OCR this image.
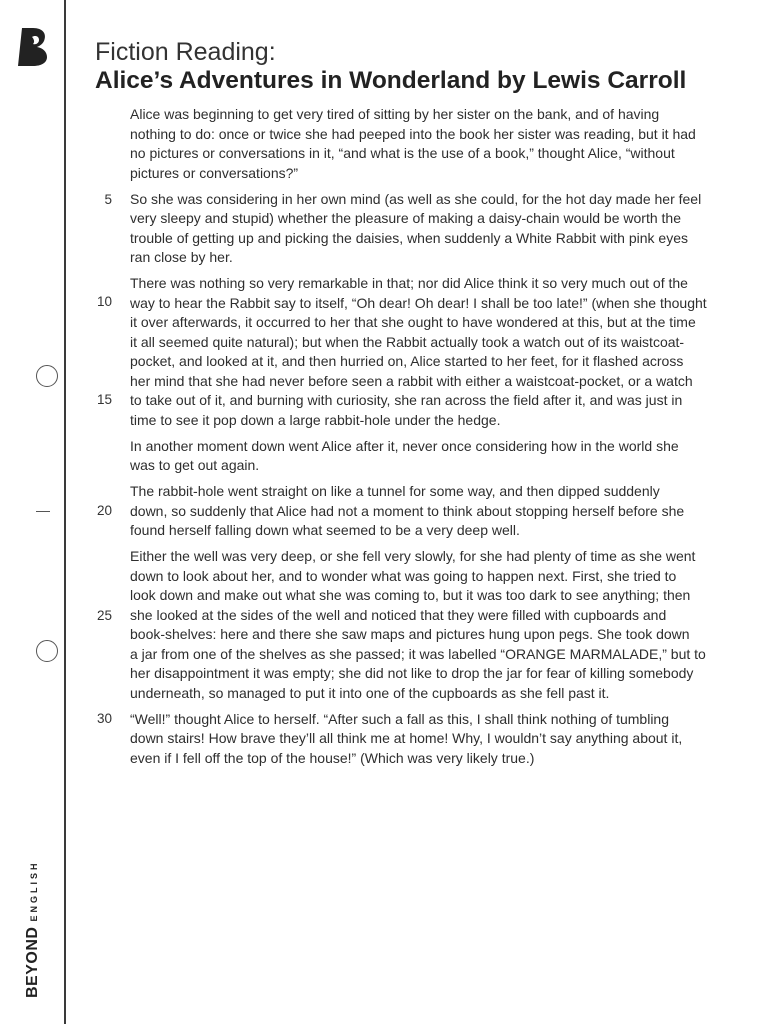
BEYONDENGLISH
Fiction Reading:
Alice’s Adventures in Wonderland by Lewis Carroll

Alice was beginning to get very tired of sitting by her sister on the bank, and of having
nothing to do: once or twice she had peeped into the book her sister was reading, but it had
no pictures or conversations in it, “and what is the use of a book,” thought Alice, “without
pictures or conversations?”

So she was considering in her own mind (as well as she could, for the hot day made her feel
very sleepy and stupid) whether the pleasure of making a daisy-chain would be worth the
trouble of getting up and picking the daisies, when suddenly a White Rabbit with pink eyes
ran close by her.

There was nothing so very remarkable in that; nor did Alice think it so very much out of the
way to hear the Rabbit say to itself, “Oh dear! Oh dear! I shall be too late!” (when she thought
it over afterwards, it occurred to her that she ought to have wondered at this, but at the time
it all seemed quite natural); but when the Rabbit actually took a watch out of its waistcoat-
pocket, and looked at it, and then hurried on, Alice started to her feet, for it flashed across
her mind that she had never before seen a rabbit with either a waistcoat-pocket, or a watch
to take out of it, and burning with curiosity, she ran across the field after it, and was just in
time to see it pop down a large rabbit-hole under the hedge.

In another moment down went Alice after it, never once considering how in the world she
was to get out again.

The rabbit-hole went straight on like a tunnel for some way, and then dipped suddenly
down, so suddenly that Alice had not a moment to think about stopping herself before she
found herself falling down what seemed to be a very deep well.

Either the well was very deep, or she fell very slowly, for she had plenty of time as she went
down to look about her, and to wonder what was going to happen next. First, she tried to
look down and make out what she was coming to, but it was too dark to see anything; then
she looked at the sides of the well and noticed that they were filled with cupboards and
book-shelves: here and there she saw maps and pictures hung upon pegs. She took down
a jar from one of the shelves as she passed; it was labelled “ORANGE MARMALADE,” but to
her disappointment it was empty; she did not like to drop the jar for fear of killing somebody
underneath, so managed to put it into one of the cupboards as she fell past it.

“Well!” thought Alice to herself. “After such a fall as this, I shall think nothing of tumbling
down stairs! How brave they’ll all think me at home! Why, I wouldn’t say anything about it,
even if I fell off the top of the house!” (Which was very likely true.)

5
10
15
20
25
30
